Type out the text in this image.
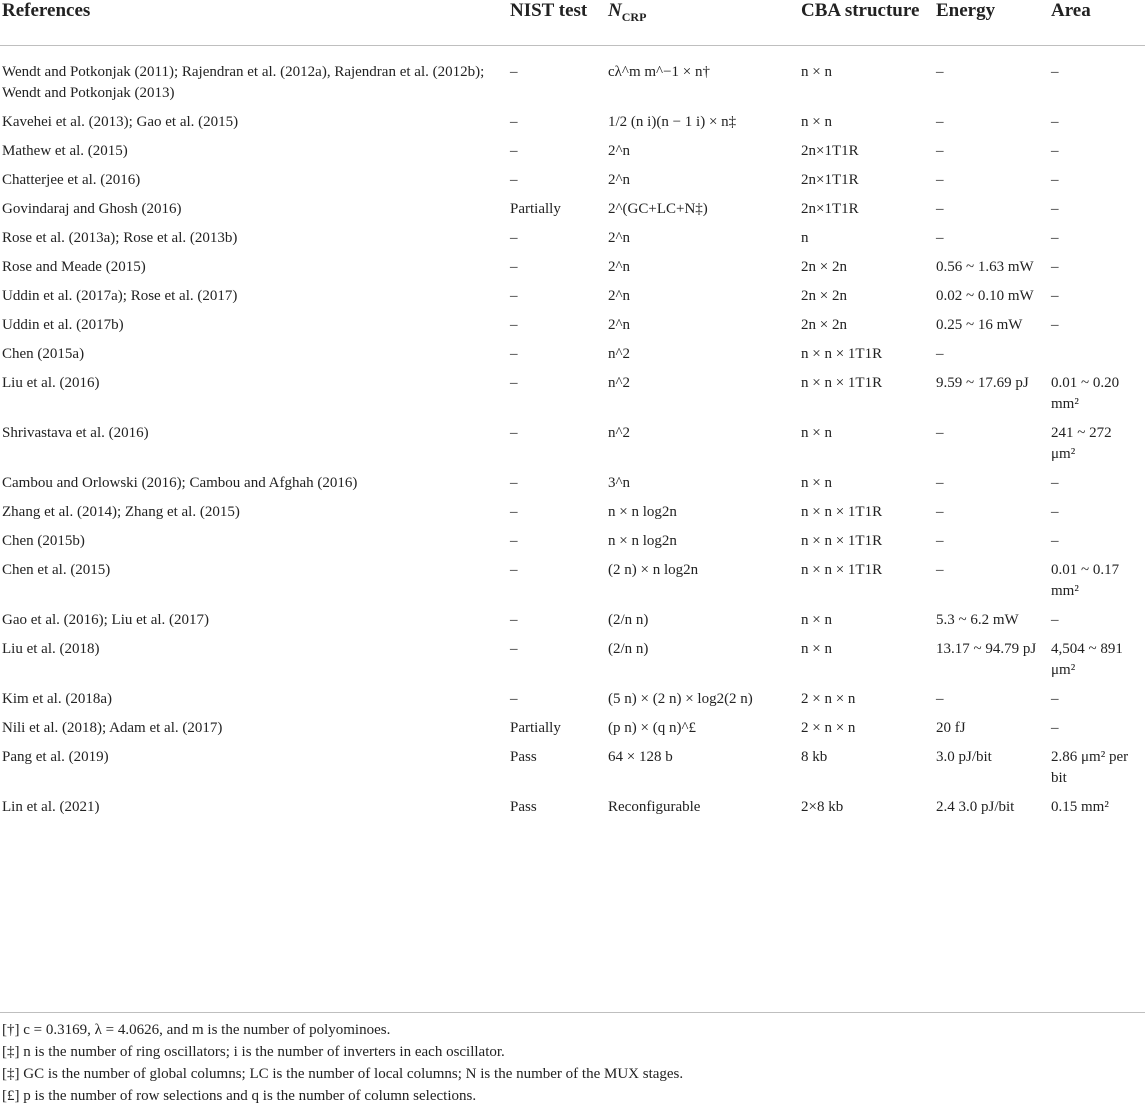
References	NIST test	$N_{CRP}$	CBA structure	Energy	Area
Wendt and Potkonjak (2011); Rajendran et al. (2012a), Rajendran et al. (2012b); Wendt and Potkonjak (2013)	–	cλ^m m^−1 × n†	n × n	–	–
Kavehei et al. (2013); Gao et al. (2015)	–	1/2 (n i)(n − 1 i) × n‡	n × n	–	–
Mathew et al. (2015)	–	2^n	2n×1T1R	–	–
Chatterjee et al. (2016)	–	2^n	2n×1T1R	–	–
Govindaraj and Ghosh (2016)	Partially	2^(GC+LC+N‡)	2n×1T1R	–	–
Rose et al. (2013a); Rose et al. (2013b)	–	2^n	n	–	–
Rose and Meade (2015)	–	2^n	2n × 2n	0.56 ~ 1.63 mW	–
Uddin et al. (2017a); Rose et al. (2017)	–	2^n	2n × 2n	0.02 ~ 0.10 mW	–
Uddin et al. (2017b)	–	2^n	2n × 2n	0.25 ~ 16 mW	–
Chen (2015a)	–	n^2	n × n × 1T1R	–	
Liu et al. (2016)	–	n^2	n × n × 1T1R	9.59 ~ 17.69 pJ	0.01 ~ 0.20 mm²
Shrivastava et al. (2016)	–	n^2	n × n	–	241 ~ 272 μm²
Cambou and Orlowski (2016); Cambou and Afghah (2016)	–	3^n	n × n	–	–
Zhang et al. (2014); Zhang et al. (2015)	–	n × n log2n	n × n × 1T1R	–	–
Chen (2015b)	–	n × n log2n	n × n × 1T1R	–	–
Chen et al. (2015)	–	(2 n) × n log2n	n × n × 1T1R	–	0.01 ~ 0.17 mm²
Gao et al. (2016); Liu et al. (2017)	–	(2/n n)	n × n	5.3 ~ 6.2 mW	–
Liu et al. (2018)	–	(2/n n)	n × n	13.17 ~ 94.79 pJ	4,504 ~ 891 μm²
Kim et al. (2018a)	–	(5 n) × (2 n) × log2(2 n)	2 × n × n	–	–
Nili et al. (2018); Adam et al. (2017)	Partially	(p n) × (q n)^£	2 × n × n	20 fJ	–
Pang et al. (2019)	Pass	64 × 128 b	8 kb	3.0 pJ/bit	2.86 μm² per bit
Lin et al. (2021)	Pass	Reconfigurable	2×8 kb	2.4 3.0 pJ/bit	0.15 mm²
[†] c = 0.3169, λ = 4.0626, and m is the number of polyominoes.
[‡] n is the number of ring oscillators; i is the number of inverters in each oscillator.
[‡] GC is the number of global columns; LC is the number of local columns; N is the number of the MUX stages.
[£] p is the number of row selections and q is the number of column selections.
